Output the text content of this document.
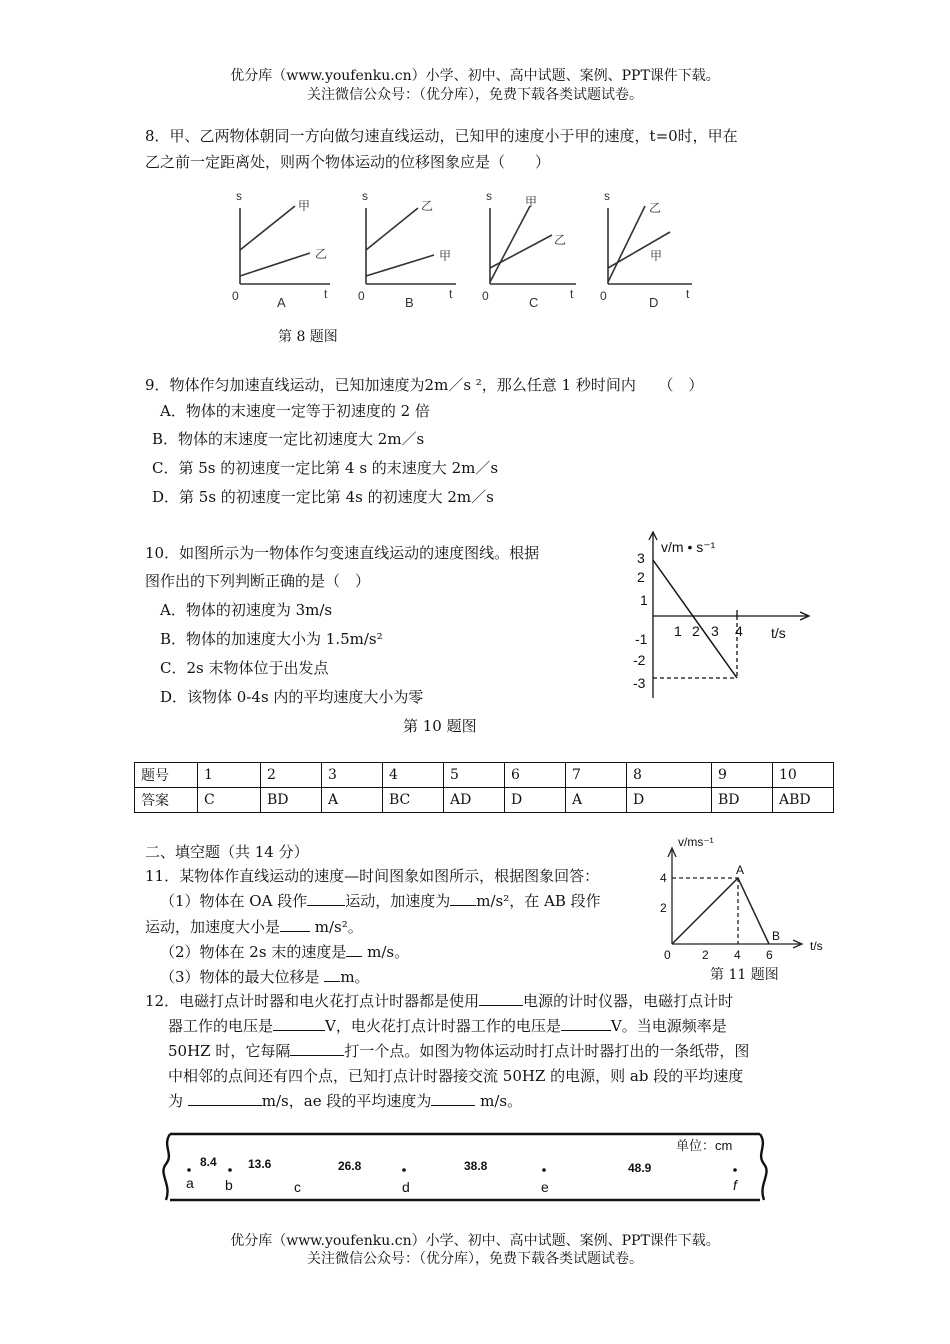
优分库（www.youfenku.cn）小学、初中、高中试题、案例、PPT课件下载。
关注微信公众号：（优分库），免费下载各类试题试卷。
8．甲、乙两物体朝同一方向做匀速直线运动，已知甲的速度小于甲的速度，t=0时，甲在
乙之前一定距离处，则两个物体运动的位移图象应是（　　）
s
0	t
甲
乙
A
s
0	t
乙
甲
B
s
0	t
甲
乙
C
s
0	t
乙
甲
D
第 8 题图
9．物体作匀加速直线运动，已知加速度为2m／s ²，那么任意 1 秒时间内　　（　）
A．物体的末速度一定等于初速度的 2 倍
B．物体的末速度一定比初速度大 2m／s
C．第 5s 的初速度一定比第 4 s 的末速度大 2m／s
D．第 5s 的初速度一定比第 4s 的初速度大 2m／s
10．如图所示为一物体作匀变速直线运动的速度图线。根据
图作出的下列判断正确的是（　）
A．物体的初速度为 3m/s
B．物体的加速度大小为 1.5m/s²
C．2s 末物体位于出发点
D．该物体 0-4s 内的平均速度大小为零
第 10 题图
v/m • s⁻¹
3
2
1
-1
-2
-3
1 2 3 4 t/s
题号	1	2	3	4	5	6	7	8	9	10
答案	C	BD	A	BC	AD	D	A	D	BD	ABD
二、填空题（共 14 分）
11．某物体作直线运动的速度—时间图象如图所示，根据图象回答：
（1）物体在 OA 段作	运动，加速度为 m/s²，在 AB 段作
运动，加速度大小是 m/s²。
（2）物体在 2s 末的速度是 m/s。
（3）物体的最大位移是 m。
v/ms⁻¹
4
2
0	2 4 6
t/s
A
B
第 11 题图
12．电磁打点计时器和电火花打点计时器都是使用	电源的计时仪器，电磁打点计时
器工作的电压是	V，电火花打点计时器工作的电压是	V。当电源频率是
50HZ 时，它每隔	打一个点。如图为物体运动时打点计时器打出的一条纸带，图
中相邻的点间还有四个点，已知打点计时器接交流 50HZ 的电源，则 ab 段的平均速度
为	m/s，ae 段的平均速度为	m/s。
单位：cm
8.4	13.6	26.8	38.8	48.9
a b	c	d	e	f
优分库（www.youfenku.cn）小学、初中、高中试题、案例、PPT课件下载。
关注微信公众号：（优分库），免费下载各类试题试卷。
